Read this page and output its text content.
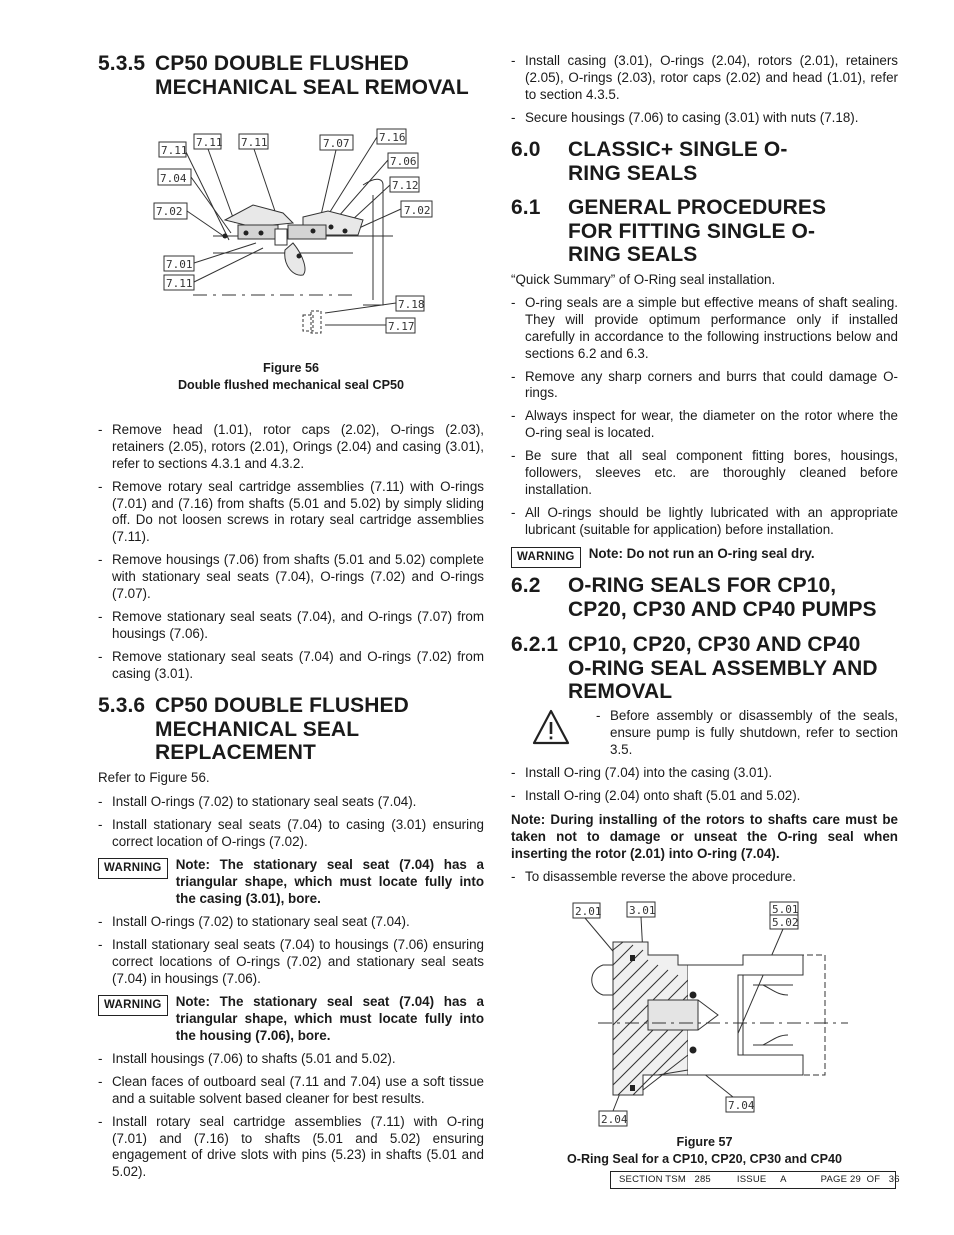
5.3.5 CP50 DOUBLE FLUSHED MECHANICAL SEAL REMOVAL
7.11
7.11
7.04
7.02
7.01
7.11
7.07
7.11	7.16
7.06
7.12
7.02
7.18
7.17
Figure 56
Double flushed mechanical seal CP50
- Remove head (1.01), rotor caps (2.02), O-rings (2.03), retainers (2.05), rotors (2.01), Orings (2.04) and casing (3.01), refer to sections 4.3.1 and 4.3.2.
- Remove rotary seal cartridge assemblies (7.11) with O-rings (7.01) and (7.16) from shafts (5.01 and 5.02) by simply sliding off. Do not loosen screws in rotary seal cartridge assemblies (7.11).
- Remove housings (7.06) from shafts (5.01 and 5.02) complete with stationary seal seats (7.04), O-rings (7.02) and O-rings (7.07).
- Remove stationary seal seats (7.04), and O-rings (7.07) from housings (7.06).
- Remove stationary seal seats (7.04) and O-rings (7.02) from casing (3.01).
5.3.6 CP50 DOUBLE FLUSHED MECHANICAL SEAL REPLACEMENT

Refer to Figure 56.

- Install O-rings (7.02) to stationary seal seats (7.04).
- Install stationary seal seats (7.04) to casing (3.01) ensuring correct location of O-rings (7.02).
WARNING	Note: The stationary seal seat (7.04) has a triangular shape, which must locate fully into the casing (3.01), bore.
- Install O-rings (7.02) to stationary seal seat (7.04).
- Install stationary seal seats (7.04) to housings (7.06) ensuring correct locations of O-rings (7.02) and stationary seal seats (7.04) in housings (7.06).
WARNING	Note: The stationary seal seat (7.04) has a triangular shape, which must locate fully into the housing (7.06), bore.
- Install housings (7.06) to shafts (5.01 and 5.02).
- Clean faces of outboard seal (7.11 and 7.04) use a soft tissue and a suitable solvent based cleaner for best results.
- Install rotary seal cartridge assemblies (7.11) with O-ring (7.01) and (7.16) to shafts (5.01 and 5.02) ensuring engagement of drive slots with pins (5.23) in shafts (5.01 and 5.02).
- Install casing (3.01), O-rings (2.04), rotors (2.01), retainers (2.05), O-rings (2.03), rotor caps (2.02) and head (1.01), refer to section 4.3.5.
- Secure housings (7.06) to casing (3.01) with nuts (7.18).
6.0	CLASSIC+ SINGLE O-RING SEALS
6.1	GENERAL PROCEDURES FOR FITTING SINGLE O-RING SEALS

“Quick Summary” of O-Ring seal installation.

- O-ring seals are a simple but effective means of shaft sealing. They will provide optimum performance only if installed carefully in accordance to the following instructions below and sections 6.2 and 6.3.
- Remove any sharp corners and burrs that could damage O-rings.
- Always inspect for wear, the diameter on the rotor where the O-ring seal is located.
- Be sure that all seal component fitting bores, housings, followers, sleeves etc. are thoroughly cleaned before installation.
- All O-rings should be lightly lubricated with an appropriate lubricant (suitable for application) before installation.
WARNING	Note: Do not run an O-ring seal dry.
6.2	O-RING SEALS FOR CP10, CP20, CP30 AND CP40 PUMPS
6.2.1 CP10, CP20, CP30 AND CP40 O-RING SEAL ASSEMBLY AND REMOVAL
- Before assembly or disassembly of the seals, ensure pump is fully shutdown, refer to section 3.5.
- Install O-ring (7.04) into the casing (3.01).
- Install O-ring (2.04) onto shaft (5.01 and 5.02).

Note: During installing of the rotors to shafts care must be taken not to damage or unseat the O-ring seal when inserting the rotor (2.01) into O-ring (7.04).

- To disassemble reverse the above procedure.
2.01	3.01	5.01
5.02
2.04
7.04
Figure 57
O-Ring Seal for a CP10, CP20, CP30 and CP40
SECTION TSM   285	ISSUE     A	PAGE 29  OF   36
